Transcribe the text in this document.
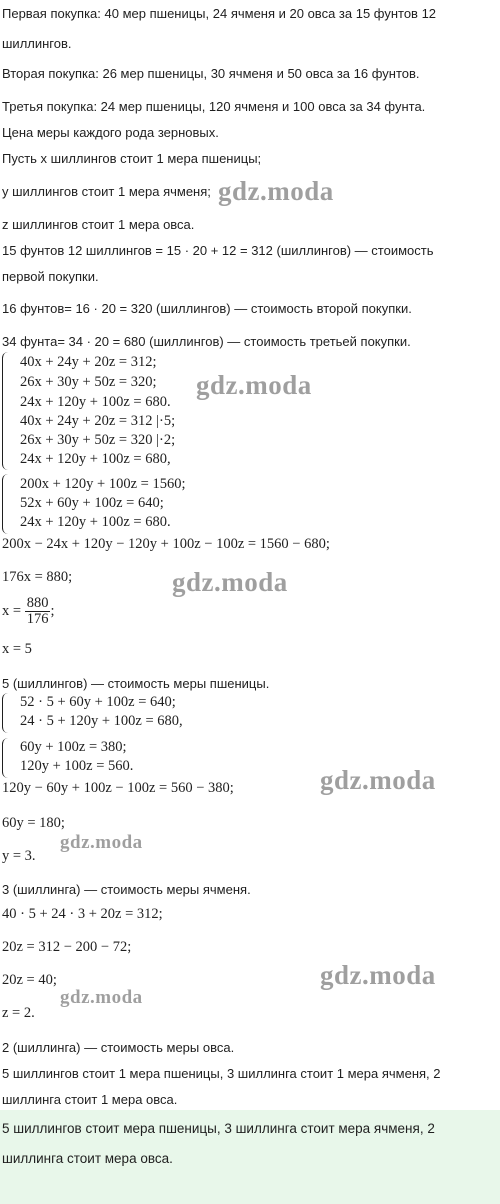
Первая покупка: 40 мер пшеницы, 24 ячменя и 20 овса за 15 фунтов 12
шиллингов.
Вторая покупка: 26 мер пшеницы, 30 ячменя и 50 овса за 16 фунтов.
Третья покупка: 24 мер пшеницы, 120 ячменя и 100 овса за 34 фунта.
Цена меры каждого рода зерновых.
Пусть x шиллингов стоит 1 мера пшеницы;
y шиллингов стоит 1 мера ячменя;
z шиллингов стоит 1 мера овса.
15 фунтов 12 шиллингов = 15 · 20 + 12 = 312 (шиллингов) — стоимость
первой покупки.
16 фунтов= 16 · 20 = 320 (шиллингов) — стоимость второй покупки.
34 фунта= 34 · 20 = 680 (шиллингов) — стоимость третьей покупки.
40x + 24y + 20z = 312;
26x + 30y + 50z = 320;
24x + 120y + 100z = 680.
40x + 24y + 20z = 312 |·5;
26x + 30y + 50z = 320 |·2;
24x + 120y + 100z = 680,
200x + 120y + 100z = 1560;
52x + 60y + 100z = 640;
24x + 120y + 100z = 680.
200x − 24x + 120y − 120y + 100z − 100z = 1560 − 680;
176x = 880;
$x = \frac{880}{176}$ ;
x = 5
5 (шиллингов) — стоимость меры пшеницы.
52 · 5 + 60y + 100z = 640;
24 · 5 + 120y + 100z = 680,
60y + 100z = 380;
120y + 100z = 560.
120y − 60y + 100z − 100z = 560 − 380;
60y = 180;
y = 3.
3 (шиллинга) — стоимость меры ячменя.
40 · 5 + 24 · 3 + 20z = 312;
20z = 312 − 200 − 72;
20z = 40;
z = 2.
2 (шиллинга) — стоимость меры овса.
5 шиллингов стоит 1 мера пшеницы, 3 шиллинга стоит 1 мера ячменя, 2
шиллинга стоит 1 мера овса.
5 шиллингов стоит мера пшеницы, 3 шиллинга стоит мера ячменя, 2
шиллинга стоит мера овса.
gdz.moda
gdz.moda
gdz.moda
gdz.moda
gdz.moda
gdz.moda
gdz.moda
